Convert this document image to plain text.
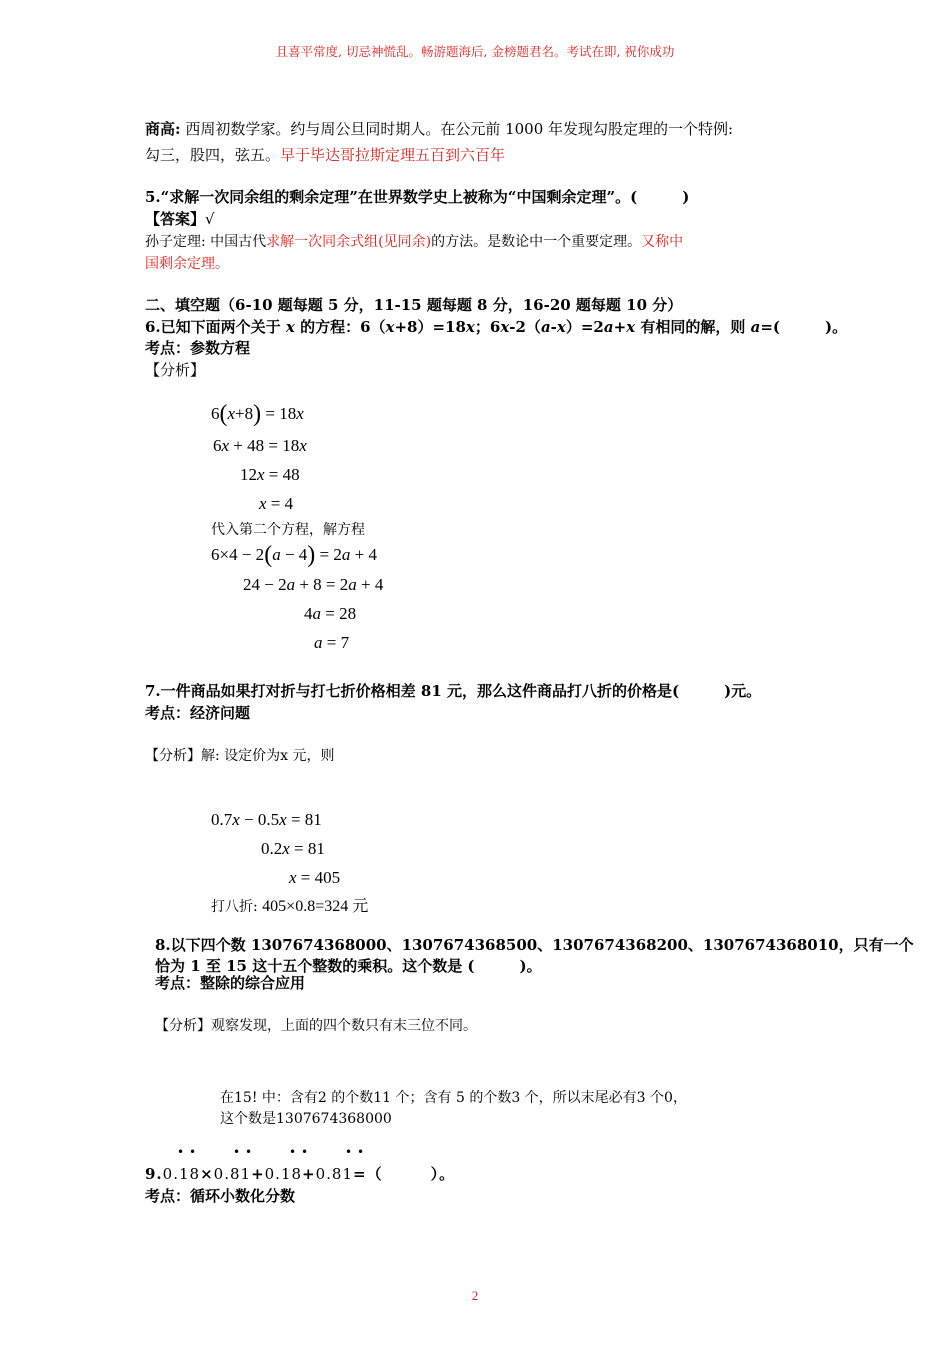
且喜平常度, 切忌神慌乱。畅游题海后, 金榜题君名。考试在即, 祝你成功
商高: 西周初数学家。约与周公旦同时期人。在公元前 1000 年发现勾股定理的一个特例:
勾三，股四，弦五。早于毕达哥拉斯定理五百到六百年
5.“求解一次同余组的剩余定理”在世界数学史上被称为“中国剩余定理”。(　　　)
【答案】√
孙子定理: 中国古代求解一次同余式组(见同余)的方法。是数论中一个重要定理。又称中
国剩余定理。
二、填空题（6-10 题每题 5 分，11-15 题每题 8 分，16-20 题每题 10 分）
6.已知下面两个关于 x 的方程：6（x+8）=18x；6x-2（a-x）=2a+x 有相同的解，则 a=(　　　)。
考点：参数方程
【分析】
6(x+8) = 18x
6x + 48 = 18x
12x = 48
x = 4
代入第二个方程，解方程
6×4 − 2(a − 4) = 2a + 4
24 − 2a + 8 = 2a + 4
4a = 28
a = 7
7.一件商品如果打对折与打七折价格相差 81 元，那么这件商品打八折的价格是(　　　)元。
考点：经济问题
【分析】解: 设定价为x 元，则
0.7x − 0.5x = 81
0.2x = 81
x = 405
打八折: 405×0.8=324 元
8.以下四个数 1307674368000、1307674368500、1307674368200、1307674368010，只有一个
恰为 1 至 15 这十五个整数的乘积。这个数是 (　　　)。
考点：整除的综合应用
【分析】观察发现，上面的四个数只有末三位不同。
在15! 中：含有2 的个数11 个；含有 5 的个数3 个，所以末尾必有3 个0，
这个数是1307674368000
9.0.18×0.81+0.18+0.81=（　　　）。
• •	• •	• •	• •
考点：循环小数化分数
2
